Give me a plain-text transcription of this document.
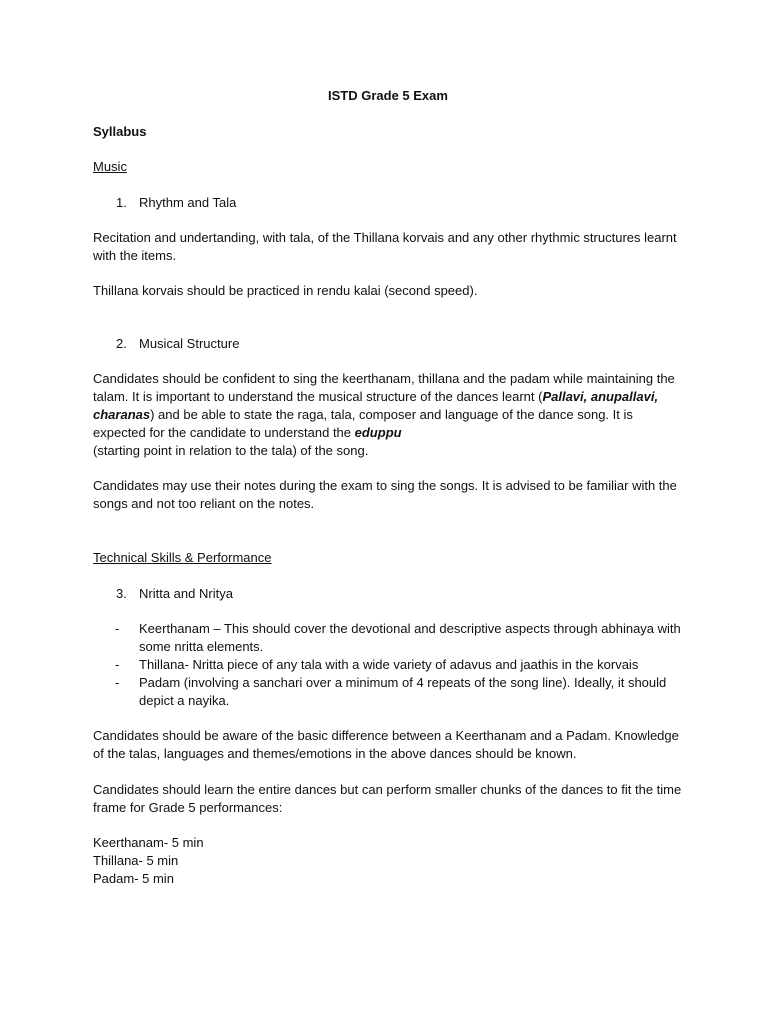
ISTD Grade 5 Exam

Syllabus

Music

1. Rhythm and Tala

Recitation and undertanding, with tala, of the Thillana korvais and any other rhythmic structures learnt with the items.

Thillana korvais should be practiced in rendu kalai (second speed).

2. Musical Structure

Candidates should be confident to sing the keerthanam, thillana and the padam while maintaining the talam. It is important to understand the musical structure of the dances learnt (Pallavi, anupallavi, charanas) and be able to state the raga, tala, composer and language of the dance song. It is expected for the candidate to understand the eduppu
(starting point in relation to the tala) of the song.

Candidates may use their notes during the exam to sing the songs. It is advised to be familiar with the songs and not too reliant on the notes.

Technical Skills & Performance

3. Nritta and Nritya

- Keerthanam – This should cover the devotional and descriptive aspects through abhinaya with some nritta elements.

- Thillana- Nritta piece of any tala with a wide variety of adavus and jaathis in the korvais

- Padam (involving a sanchari over a minimum of 4 repeats of the song line). Ideally, it should depict a nayika.

Candidates should be aware of the basic difference between a Keerthanam and a Padam. Knowledge of the talas, languages and themes/emotions in the above dances should be known.

Candidates should learn the entire dances but can perform smaller chunks of the dances to fit the time frame for Grade 5 performances:

Keerthanam- 5 min

Thillana- 5 min

Padam- 5 min
